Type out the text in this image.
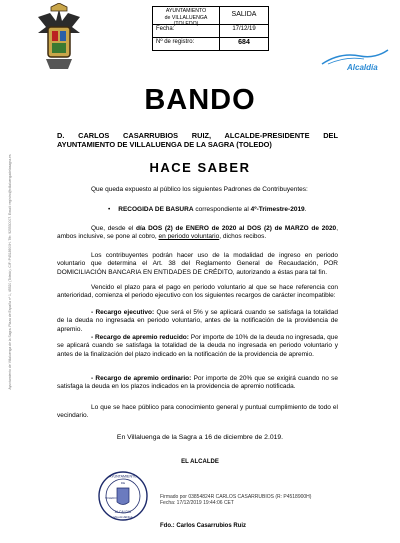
Ayuntamiento de Villaluenga de la Sagra. Plaza de España nº 1, 45520 (Toledo). CIF: P4518900H. Tfn: 925530007. Email: registro@villaluengadelasagra.es
AYUNTAMIENTO
de VILLALUENGA
(TOLEDO)
SALIDA
Fecha:	17/12/19
Nº de registro:	684
Alcaldía
BANDO
D. CARLOS CASARRUBIOS RUIZ, ALCALDE-PRESIDENTE DEL AYUNTAMIENTO DE VILLALUENGA DE LA SAGRA (TOLEDO)
HACE SABER
Que queda expuesto al público los siguientes Padrones de Contribuyentes:
• RECOGIDA DE BASURA correspondiente al 4º-Trimestre-2019.
Que, desde el día DOS (2) de ENERO de 2020 al DOS (2) de MARZO de 2020, ambos inclusive, se pone al cobro, en periodo voluntario, dichos recibos.
Los contribuyentes podrán hacer uso de la modalidad de ingreso en periodo voluntario que determina el Art. 38 del Reglamento General de Recaudación, POR DOMICILIACIÓN BANCARIA EN ENTIDADES DE CRÉDITO, autorizando a éstas para tal fin.
Vencido el plazo para el pago en periodo voluntario al que se hace referencia con anterioridad, comienza el periodo ejecutivo con los siguientes recargos de carácter incompatible:
- Recargo ejecutivo: Que será el 5% y se aplicará cuando se satisfaga la totalidad de la deuda no ingresada en periodo voluntario, antes de la notificación de la providencia de apremio.
- Recargo de apremio reducido: Por importe de 10% de la deuda no ingresada, que se aplicará cuando se satisfaga la totalidad de la deuda no ingresada en periodo voluntario y antes de la finalización del plazo indicado en la notificación de la providencia de apremio.
- Recargo de apremio ordinario: Por importe de 20% que se exigirá cuando no se satisfaga la deuda en los plazos indicados en la providencia de apremio notificada.
Lo que se hace público para conocimiento general y puntual cumplimiento de todo el vecindario.
En Villaluenga de la Sagra a 16 de diciembre de 2.019.
EL ALCALDE
AYUNTAMIENTO
DE
TOLEDO
ALCALDIA
VILLALUENGA
Firmado por 03854824R CARLOS CASARRUBIOS (R: P4518900H)
Fecha: 17/12/2019 19:44:06 CET
Fdo.: Carlos Casarrubios Ruiz
